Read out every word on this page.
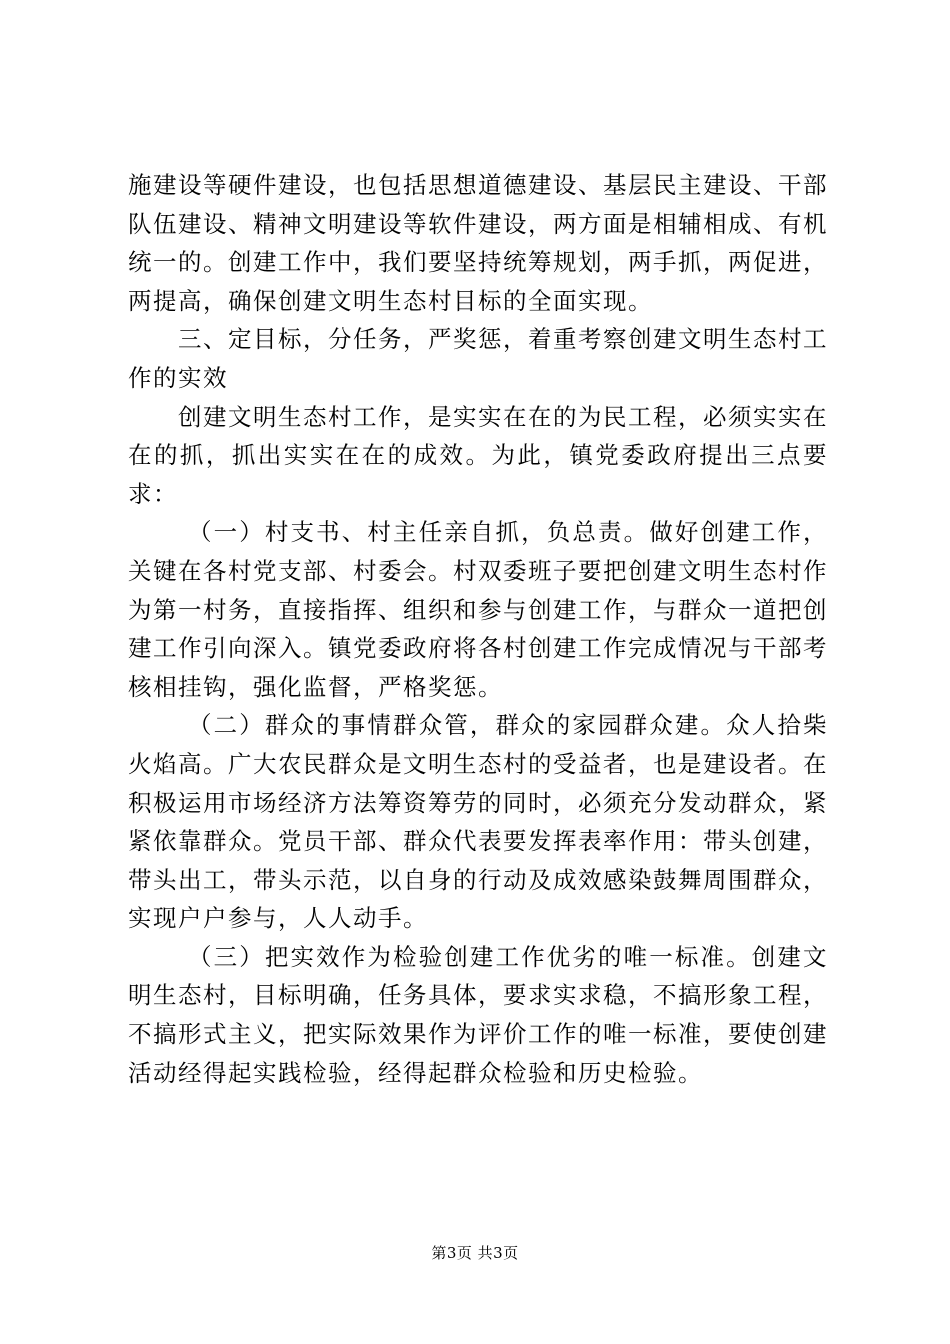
施建设等硬件建设，也包括思想道德建设、基层民主建设、干部队伍建设、精神文明建设等软件建设，两方面是相辅相成、有机统一的。创建工作中，我们要坚持统筹规划，两手抓，两促进，两提高，确保创建文明生态村目标的全面实现。

三、定目标，分任务，严奖惩，着重考察创建文明生态村工作的实效

创建文明生态村工作，是实实在在的为民工程，必须实实在在的抓，抓出实实在在的成效。为此，镇党委政府提出三点要求：

（一）村支书、村主任亲自抓，负总责。做好创建工作，关键在各村党支部、村委会。村双委班子要把创建文明生态村作为第一村务，直接指挥、组织和参与创建工作，与群众一道把创建工作引向深入。镇党委政府将各村创建工作完成情况与干部考核相挂钩，强化监督，严格奖惩。

（二）群众的事情群众管，群众的家园群众建。众人拾柴火焰高。广大农民群众是文明生态村的受益者，也是建设者。在积极运用市场经济方法筹资筹劳的同时，必须充分发动群众，紧紧依靠群众。党员干部、群众代表要发挥表率作用：带头创建，带头出工，带头示范，以自身的行动及成效感染鼓舞周围群众，实现户户参与，人人动手。

（三）把实效作为检验创建工作优劣的唯一标准。创建文明生态村，目标明确，任务具体，要求实求稳，不搞形象工程，不搞形式主义，把实际效果作为评价工作的唯一标准，要使创建活动经得起实践检验，经得起群众检验和历史检验。

第3页 共3页
